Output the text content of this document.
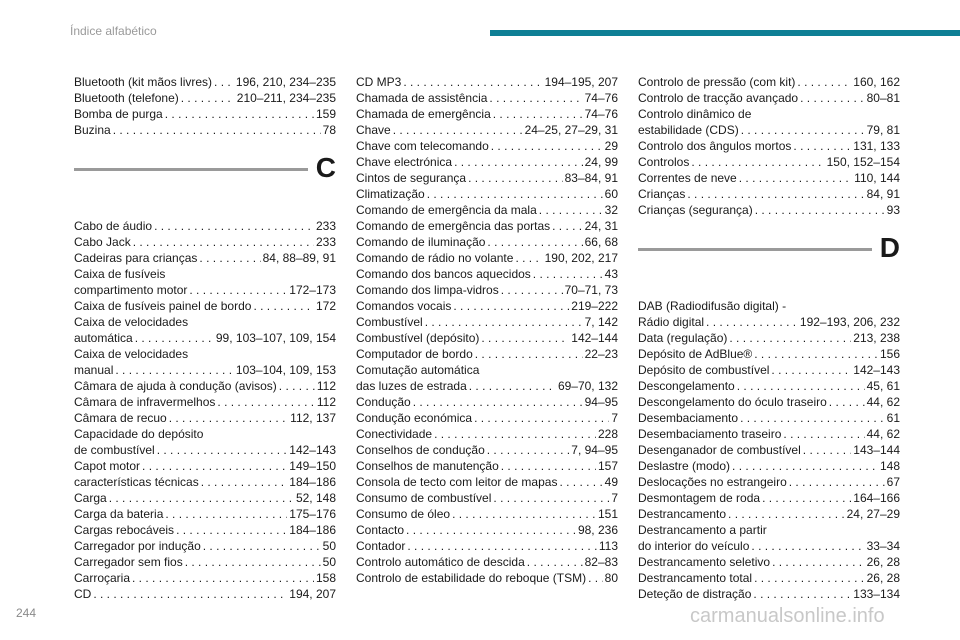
Índice alfabético
Bluetooth (kit mãos livres) . . . 196, 210, 234–235
Bluetooth (telefone) . . .	210–211, 234–235
Bomba de purga . . .	159
Buzina . . .	78
C
Cabo de áudio . . .	233
Cabo Jack . . .	233
Cadeiras para crianças . . .	84, 88–89, 91
Caixa de fusíveis
compartimento motor . . .	172–173
Caixa de fusíveis painel de bordo . . .	172
Caixa de velocidades
automática . . .	99, 103–107, 109, 154
Caixa de velocidades
manual . . .	103–104, 109, 153
Câmara de ajuda à condução (avisos) . . .	112
Câmara de infravermelhos . . .	112
Câmara de recuo . . .	112, 137
Capacidade do depósito
de combustível . . .	142–143
Capot motor . . .	149–150
características técnicas . . .	184–186
Carga . . .	52, 148
Carga da bateria . . .	175–176
Cargas rebocáveis . . .	184–186
Carregador por indução . . .	50
Carregador sem fios . . .	50
Carroçaria . . .	158
CD . . .	194, 207
CD MP3 . . .	194–195, 207
Chamada de assistência . . .	74–76
Chamada de emergência . . .	74–76
Chave . . .	24–25, 27–29, 31
Chave com telecomando . . .	29
Chave electrónica . . .	24, 99
Cintos de segurança . . .	83–84, 91
Climatização . . .	60
Comando de emergência da mala . . .	32
Comando de emergência das portas . . .	24, 31
Comando de iluminação . . .	66, 68
Comando de rádio no volante . . .	190, 202, 217
Comando dos bancos aquecidos . . .	43
Comando dos limpa-vidros . . .	70–71, 73
Comandos vocais . . .	219–222
Combustível . . .	7, 142
Combustível (depósito) . . .	142–144
Computador de bordo . . .	22–23
Comutação automática
das luzes de estrada . . .	69–70, 132
Condução . . .	94–95
Condução económica . . .	7
Conectividade . . .	228
Conselhos de condução . . .	7, 94–95
Conselhos de manutenção . . .	157
Consola de tecto com leitor de mapas . . .	49
Consumo de combustível . . .	7
Consumo de óleo . . .	151
Contacto . . .	98, 236
Contador . . .	113
Controlo automático de descida . . .	82–83
Controlo de estabilidade do reboque (TSM) . . . 80
Controlo de pressão (com kit) . . .	160, 162
Controlo de tracção avançado . . .	80–81
Controlo dinâmico de
estabilidade (CDS) . . .	79, 81
Controlo dos ângulos mortos . . .	131, 133
Controlos . . .	150, 152–154
Correntes de neve . . .	110, 144
Crianças . . .	84, 91
Crianças (segurança) . . .	93
D
DAB (Radiodifusão digital) -
Rádio digital . . .	192–193, 206, 232
Data (regulação) . . .	213, 238
Depósito de AdBlue® . . .	156
Depósito de combustível . . .	142–143
Descongelamento . . .	45, 61
Descongelamento do óculo traseiro . . .	44, 62
Desembaciamento . . .	61
Desembaciamento traseiro . . .	44, 62
Desenganador de combustível . . .	143–144
Deslastre (modo) . . .	148
Deslocações no estrangeiro . . .	67
Desmontagem de roda . . .	164–166
Destrancamento . . .	24, 27–29
Destrancamento a partir
do interior do veículo . . .	33–34
Destrancamento seletivo . . .	26, 28
Destrancamento total . . .	26, 28
Deteção de distração . . .	133–134
244	carmanualsonline.info
